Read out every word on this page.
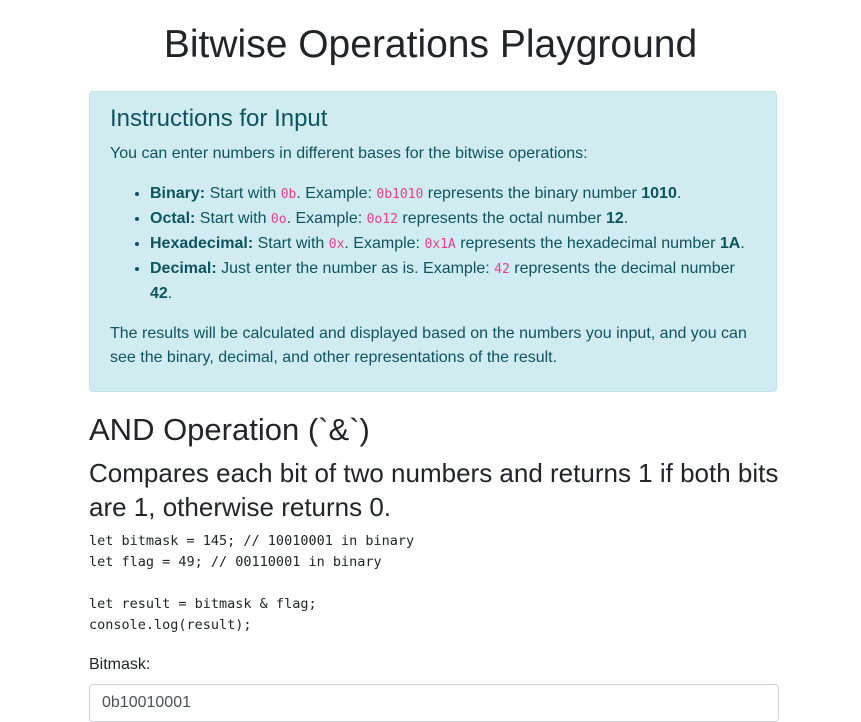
Bitwise Operations Playground
Instructions for Input

You can enter numbers in different bases for the bitwise operations:

• Binary: Start with 0b. Example: 0b1010 represents the binary number 1010.
• Octal: Start with 0o. Example: 0o12 represents the octal number 12.
• Hexadecimal: Start with 0x. Example: 0x1A represents the hexadecimal number 1A.
• Decimal: Just enter the number as is. Example: 42 represents the decimal number 42.

The results will be calculated and displayed based on the numbers you input, and you can see the binary, decimal, and other representations of the result.

AND Operation (`&`)
Compares each bit of two numbers and returns 1 if both bits are 1, otherwise returns 0.
let bitmask = 145; // 10010001 in binary
let flag = 49; // 00110001 in binary

let result = bitmask & flag;
console.log(result);
Bitmask:
0b10010001
